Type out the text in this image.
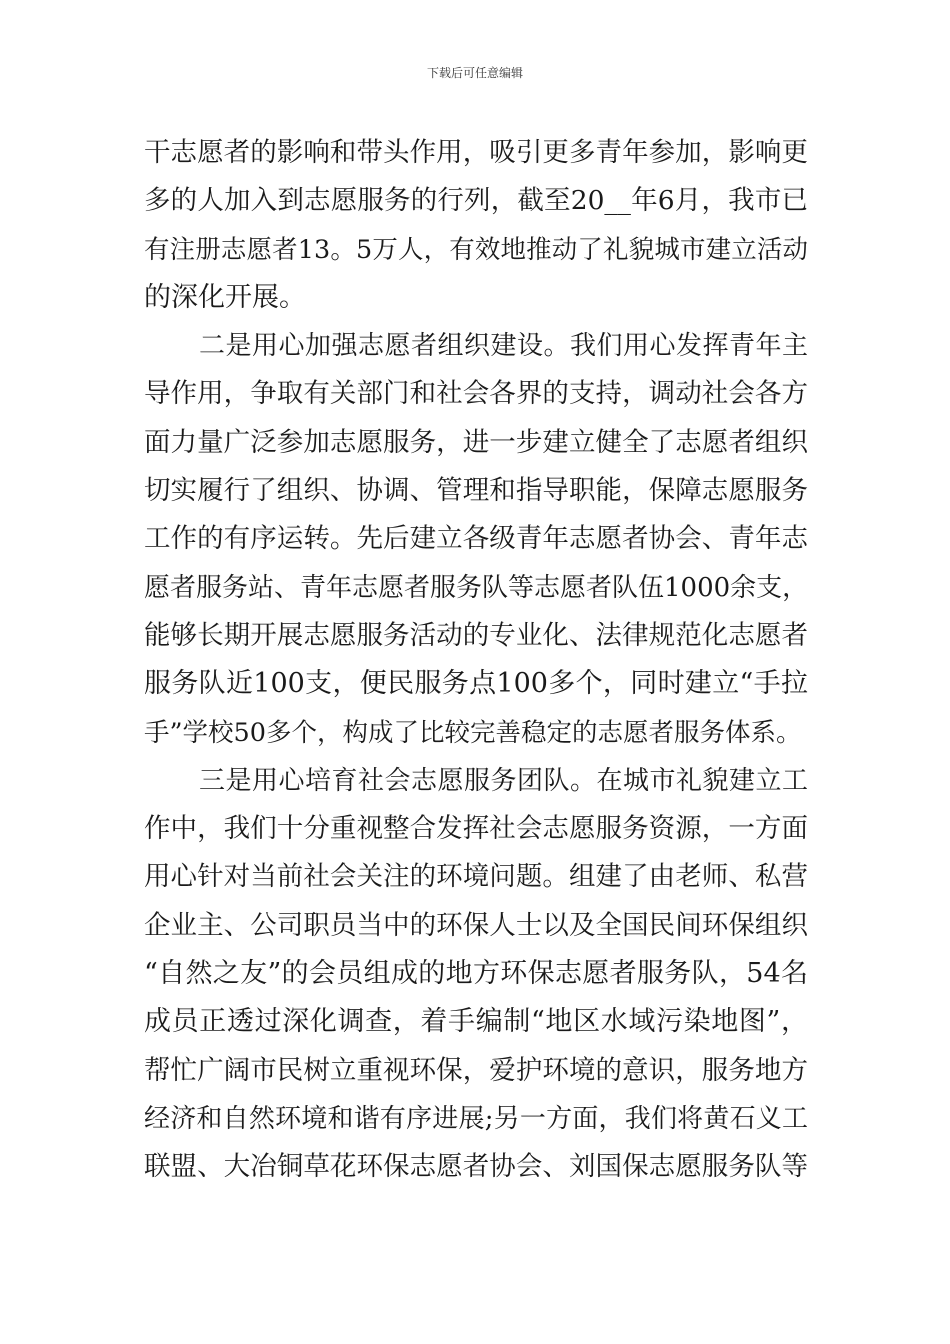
下载后可任意编辑
干志愿者的影响和带头作用，吸引更多青年参加，影响更
多的人加入到志愿服务的行列，截至20__年6月，我市已
有注册志愿者13。5万人，有效地推动了礼貌城市建立活动
的深化开展。
二是用心加强志愿者组织建设。我们用心发挥青年主
导作用，争取有关部门和社会各界的支持，调动社会各方
面力量广泛参加志愿服务，进一步建立健全了志愿者组织
切实履行了组织、协调、管理和指导职能，保障志愿服务
工作的有序运转。先后建立各级青年志愿者协会、青年志
愿者服务站、青年志愿者服务队等志愿者队伍1000余支，
能够长期开展志愿服务活动的专业化、法律规范化志愿者
服务队近100支，便民服务点100多个，同时建立“手拉
手”学校50多个，构成了比较完善稳定的志愿者服务体系。
三是用心培育社会志愿服务团队。在城市礼貌建立工
作中，我们十分重视整合发挥社会志愿服务资源，一方面
用心针对当前社会关注的环境问题。组建了由老师、私营
企业主、公司职员当中的环保人士以及全国民间环保组织
“自然之友”的会员组成的地方环保志愿者服务队，54名
成员正透过深化调查，着手编制“地区水域污染地图”，
帮忙广阔市民树立重视环保，爱护环境的意识，服务地方
经济和自然环境和谐有序进展;另一方面，我们将黄石义工
联盟、大冶铜草花环保志愿者协会、刘国保志愿服务队等
